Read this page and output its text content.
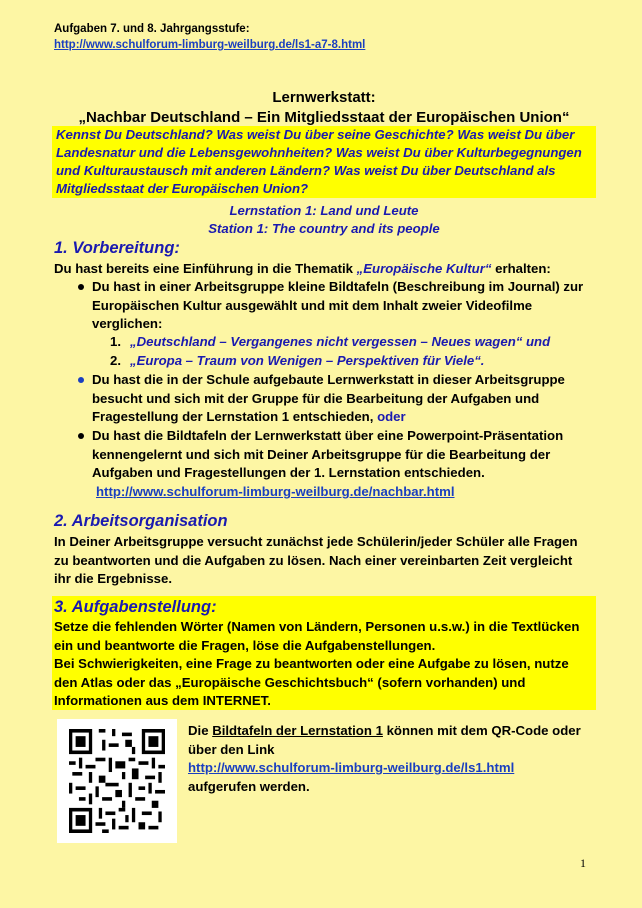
Aufgaben 7. und 8. Jahrgangsstufe:
http://www.schulforum-limburg-weilburg.de/ls1-a7-8.html
Lernwerkstatt:
„Nachbar Deutschland – Ein Mitgliedsstaat der Europäischen Union“
Kennst Du Deutschland? Was weist Du über seine Geschichte? Was weist Du über
Landesnatur und die Lebensgewohnheiten? Was weist Du über Kulturbegegnungen
und Kulturaustausch mit anderen Ländern? Was weist Du über Deutschland als
Mitgliedsstaat der Europäischen Union?
Lernstation 1: Land und Leute
Station 1: The country and its people
1. Vorbereitung:
Du hast bereits eine Einführung in die Thematik „Europäische Kultur“ erhalten:
Du hast in einer Arbeitsgruppe kleine Bildtafeln (Beschreibung im Journal) zur
Europäischen Kultur ausgewählt und mit dem Inhalt zweier Videofilme
verglichen:
1. „Deutschland – Vergangenes nicht vergessen – Neues wagen“ und
2. „Europa – Traum von Wenigen – Perspektiven für Viele“.
Du hast die in der Schule aufgebaute Lernwerkstatt in dieser Arbeitsgruppe
besucht und sich mit der Gruppe für die Bearbeitung der Aufgaben und
Fragestellung der Lernstation 1 entschieden, oder
Du hast die Bildtafeln der Lernwerkstatt über eine Powerpoint-Präsentation
kennengelernt und sich mit Deiner Arbeitsgruppe für die Bearbeitung der
Aufgaben und Fragestellungen der 1. Lernstation entschieden.
http://www.schulforum-limburg-weilburg.de/nachbar.html
2. Arbeitsorganisation
In Deiner Arbeitsgruppe versucht zunächst jede Schülerin/jeder Schüler alle Fragen
zu beantworten und die Aufgaben zu lösen. Nach einer vereinbarten Zeit vergleicht
ihr die Ergebnisse.
3. Aufgabenstellung:
Setze die fehlenden Wörter (Namen von Ländern, Personen u.s.w.) in die Textlücken
ein und beantworte die Fragen, löse die Aufgabenstellungen.
Bei Schwierigkeiten, eine Frage zu beantworten oder eine Aufgabe zu lösen, nutze
den Atlas oder das „Europäische Geschichtsbuch“ (sofern vorhanden) und
Informationen aus dem INTERNET.
Die Bildtafeln der Lernstation 1 können mit dem QR-Code oder
über den Link
http://www.schulforum-limburg-weilburg.de/ls1.html
aufgerufen werden.
1
